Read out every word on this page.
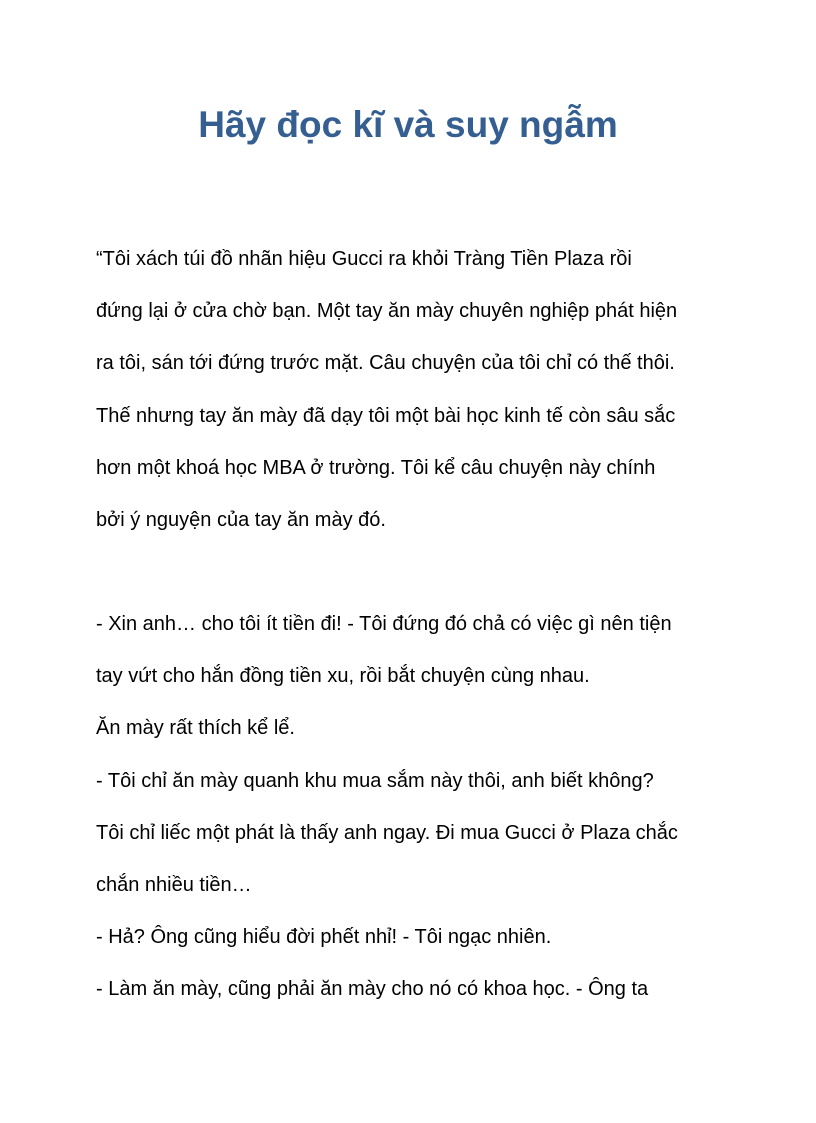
Hãy đọc kĩ và suy ngẫm
“Tôi xách túi đồ nhãn hiệu Gucci ra khỏi Tràng Tiền Plaza rồi
đứng lại ở cửa chờ bạn. Một tay ăn mày chuyên nghiệp phát hiện
ra tôi, sán tới đứng trước mặt. Câu chuyện của tôi chỉ có thế thôi.
Thế nhưng tay ăn mày đã dạy tôi một bài học kinh tế còn sâu sắc
hơn một khoá học MBA ở trường. Tôi kể câu chuyện này chính
bởi ý nguyện của tay ăn mày đó.
- Xin anh… cho tôi ít tiền đi! - Tôi đứng đó chả có việc gì nên tiện
tay vứt cho hắn đồng tiền xu, rồi bắt chuyện cùng nhau.
Ăn mày rất thích kể lể.
- Tôi chỉ ăn mày quanh khu mua sắm này thôi, anh biết không?
Tôi chỉ liếc một phát là thấy anh ngay. Đi mua Gucci ở Plaza chắc
chắn nhiều tiền…
- Hả? Ông cũng hiểu đời phết nhỉ! - Tôi ngạc nhiên.
- Làm ăn mày, cũng phải ăn mày cho nó có khoa học. - Ông ta
